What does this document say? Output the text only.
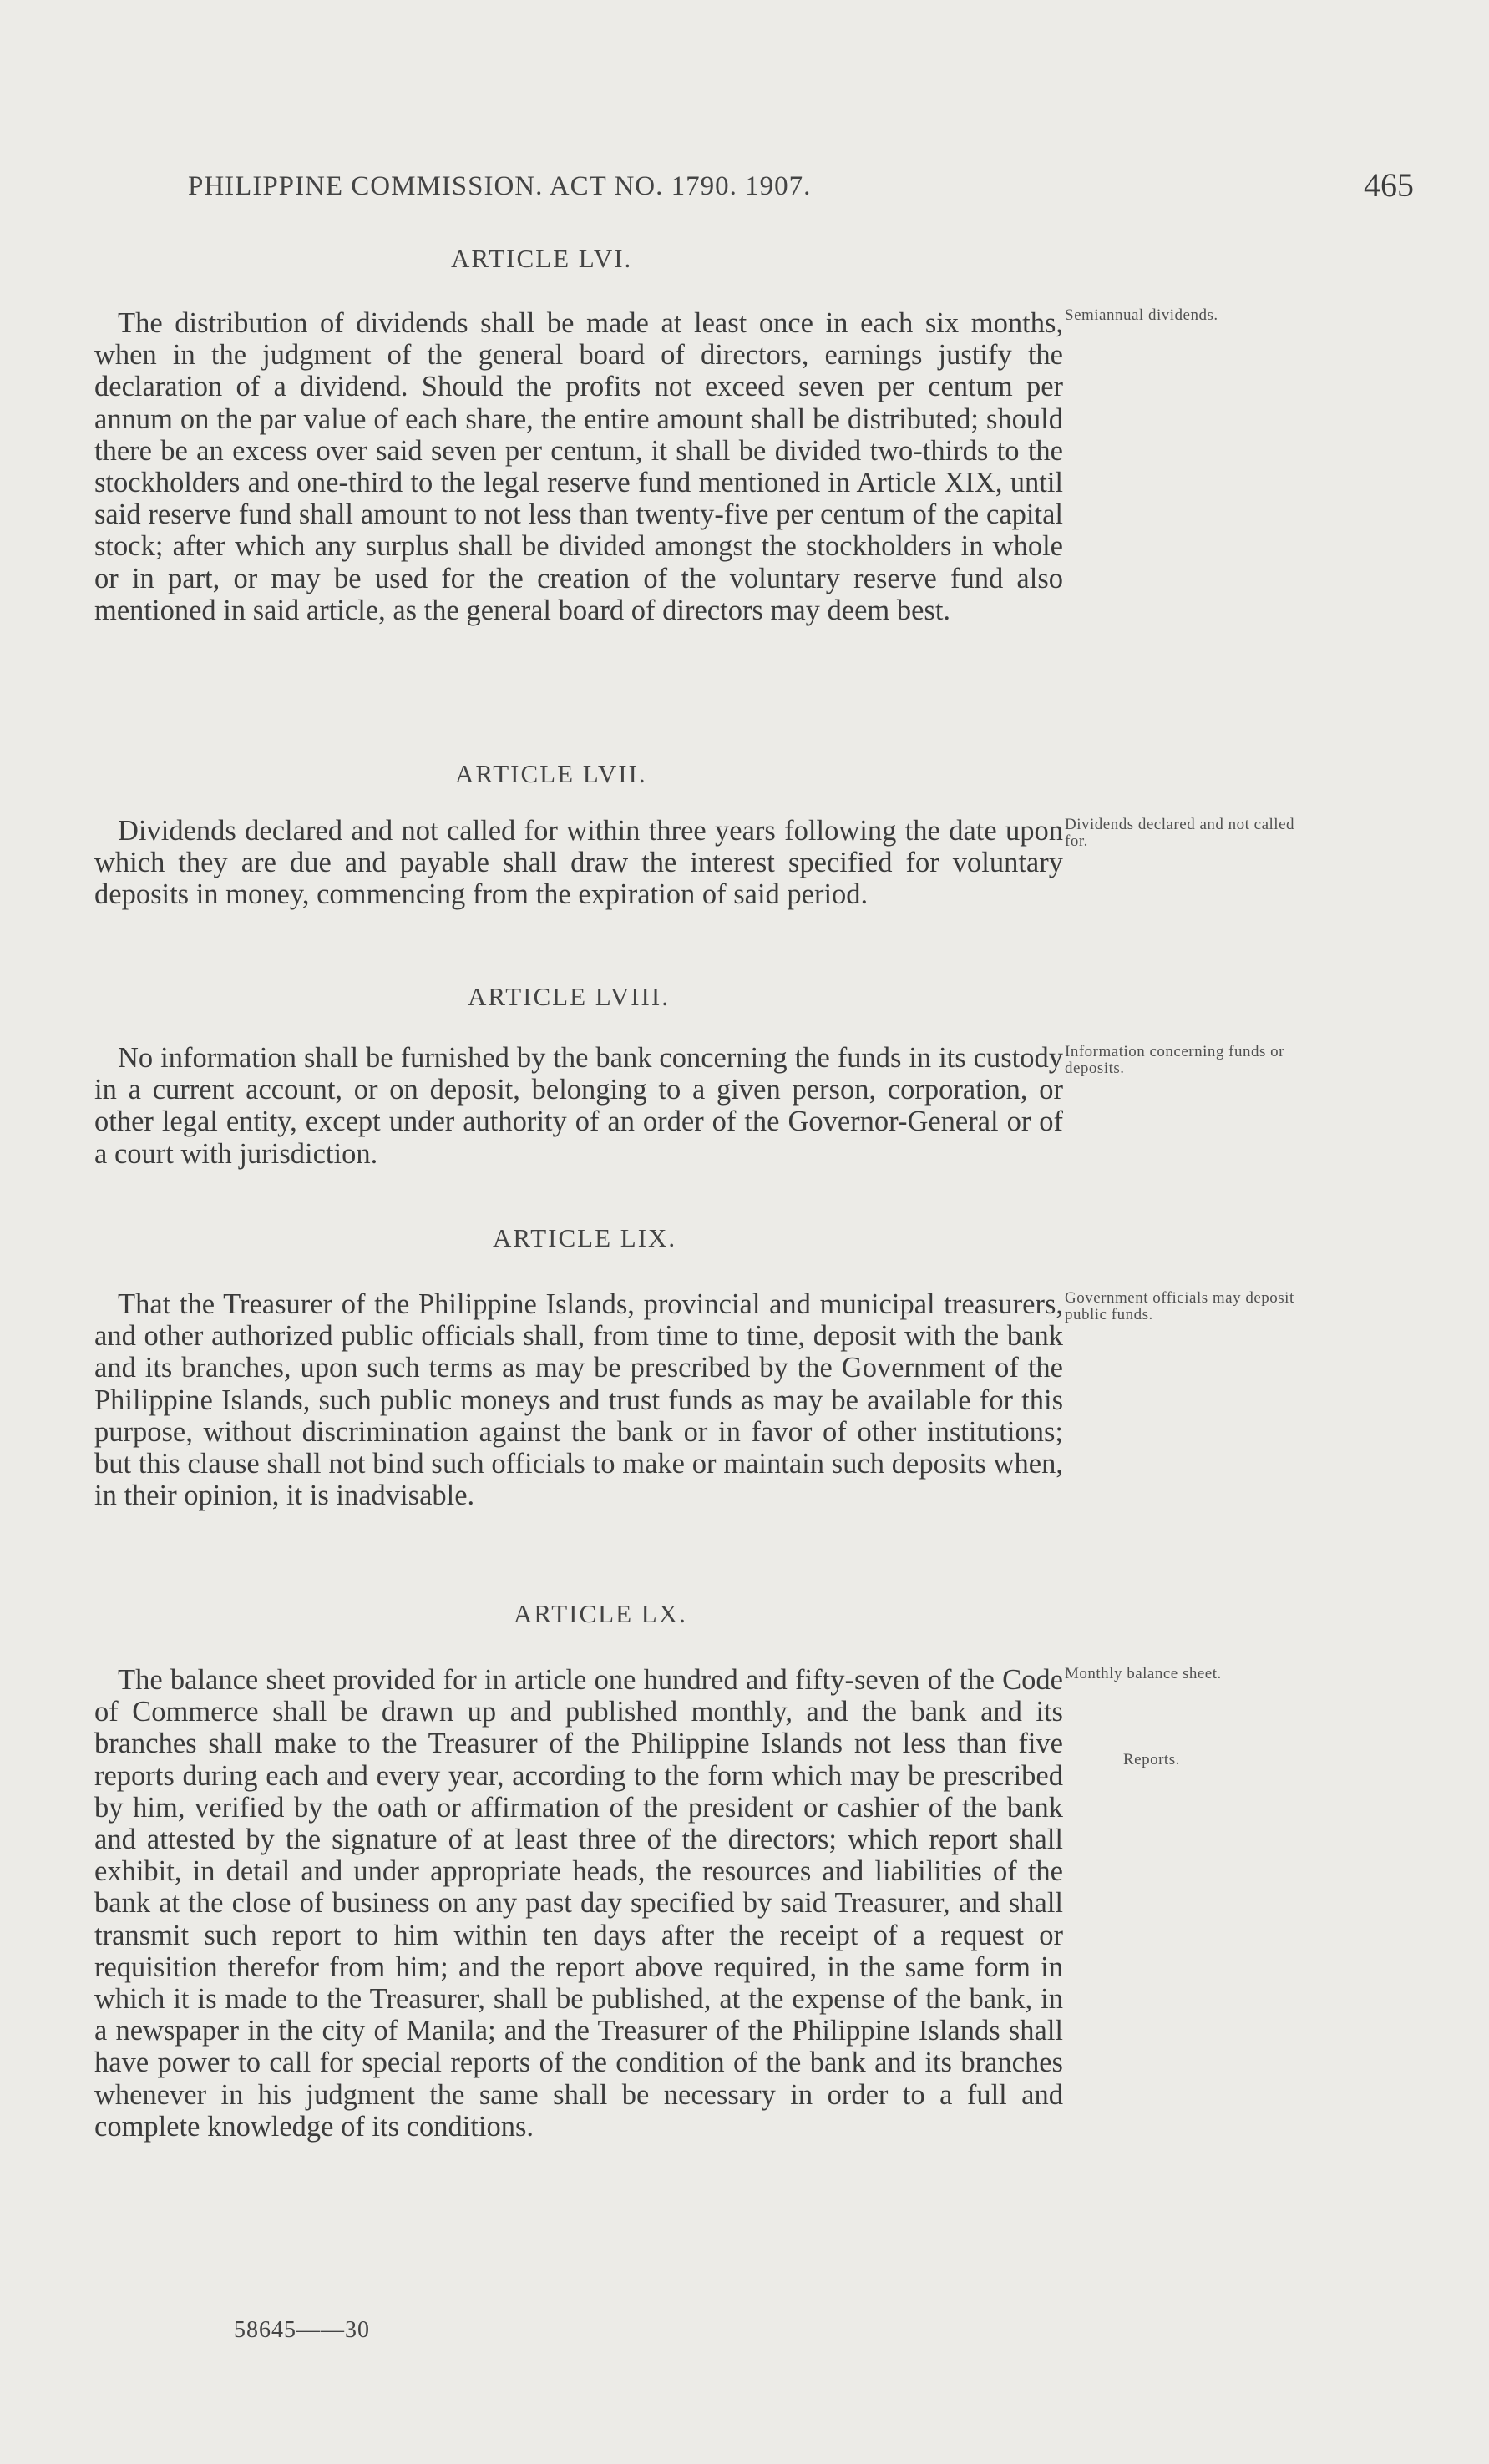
PHILIPPINE COMMISSION. ACT NO. 1790. 1907.	465
ARTICLE LVI.
The distribution of dividends shall be made at least once in each six months, when in the judgment of the general board of directors, earnings justify the declaration of a dividend. Should the profits not exceed seven per centum per annum on the par value of each share, the entire amount shall be distributed; should there be an excess over said seven per centum, it shall be divided two-thirds to the stockholders and one-third to the legal reserve fund mentioned in Article XIX, until said reserve fund shall amount to not less than twenty-five per centum of the capital stock; after which any surplus shall be divided amongst the stockholders in whole or in part, or may be used for the creation of the voluntary reserve fund also mentioned in said article, as the general board of directors may deem best.
Semiannual dividends.
ARTICLE LVII.
Dividends declared and not called for within three years following the date upon which they are due and payable shall draw the interest specified for voluntary deposits in money, commencing from the expiration of said period.
Dividends declared and not called for.
ARTICLE LVIII.
No information shall be furnished by the bank concerning the funds in its custody in a current account, or on deposit, belonging to a given person, corporation, or other legal entity, except under authority of an order of the Governor-General or of a court with jurisdiction.
Information concerning funds or deposits.
ARTICLE LIX.
That the Treasurer of the Philippine Islands, provincial and municipal treasurers, and other authorized public officials shall, from time to time, deposit with the bank and its branches, upon such terms as may be prescribed by the Government of the Philippine Islands, such public moneys and trust funds as may be available for this purpose, without discrimination against the bank or in favor of other institutions; but this clause shall not bind such officials to make or maintain such deposits when, in their opinion, it is inadvisable.
Government officials may deposit public funds.
ARTICLE LX.
The balance sheet provided for in article one hundred and fifty-seven of the Code of Commerce shall be drawn up and published monthly, and the bank and its branches shall make to the Treasurer of the Philippine Islands not less than five reports during each and every year, according to the form which may be prescribed by him, verified by the oath or affirmation of the president or cashier of the bank and attested by the signature of at least three of the directors; which report shall exhibit, in detail and under appropriate heads, the resources and liabilities of the bank at the close of business on any past day specified by said Treasurer, and shall transmit such report to him within ten days after the receipt of a request or requisition therefor from him; and the report above required, in the same form in which it is made to the Treasurer, shall be published, at the expense of the bank, in a newspaper in the city of Manila; and the Treasurer of the Philippine Islands shall have power to call for special reports of the condition of the bank and its branches whenever in his judgment the same shall be necessary in order to a full and complete knowledge of its conditions.
Monthly balance sheet.
Reports.
58645——30
